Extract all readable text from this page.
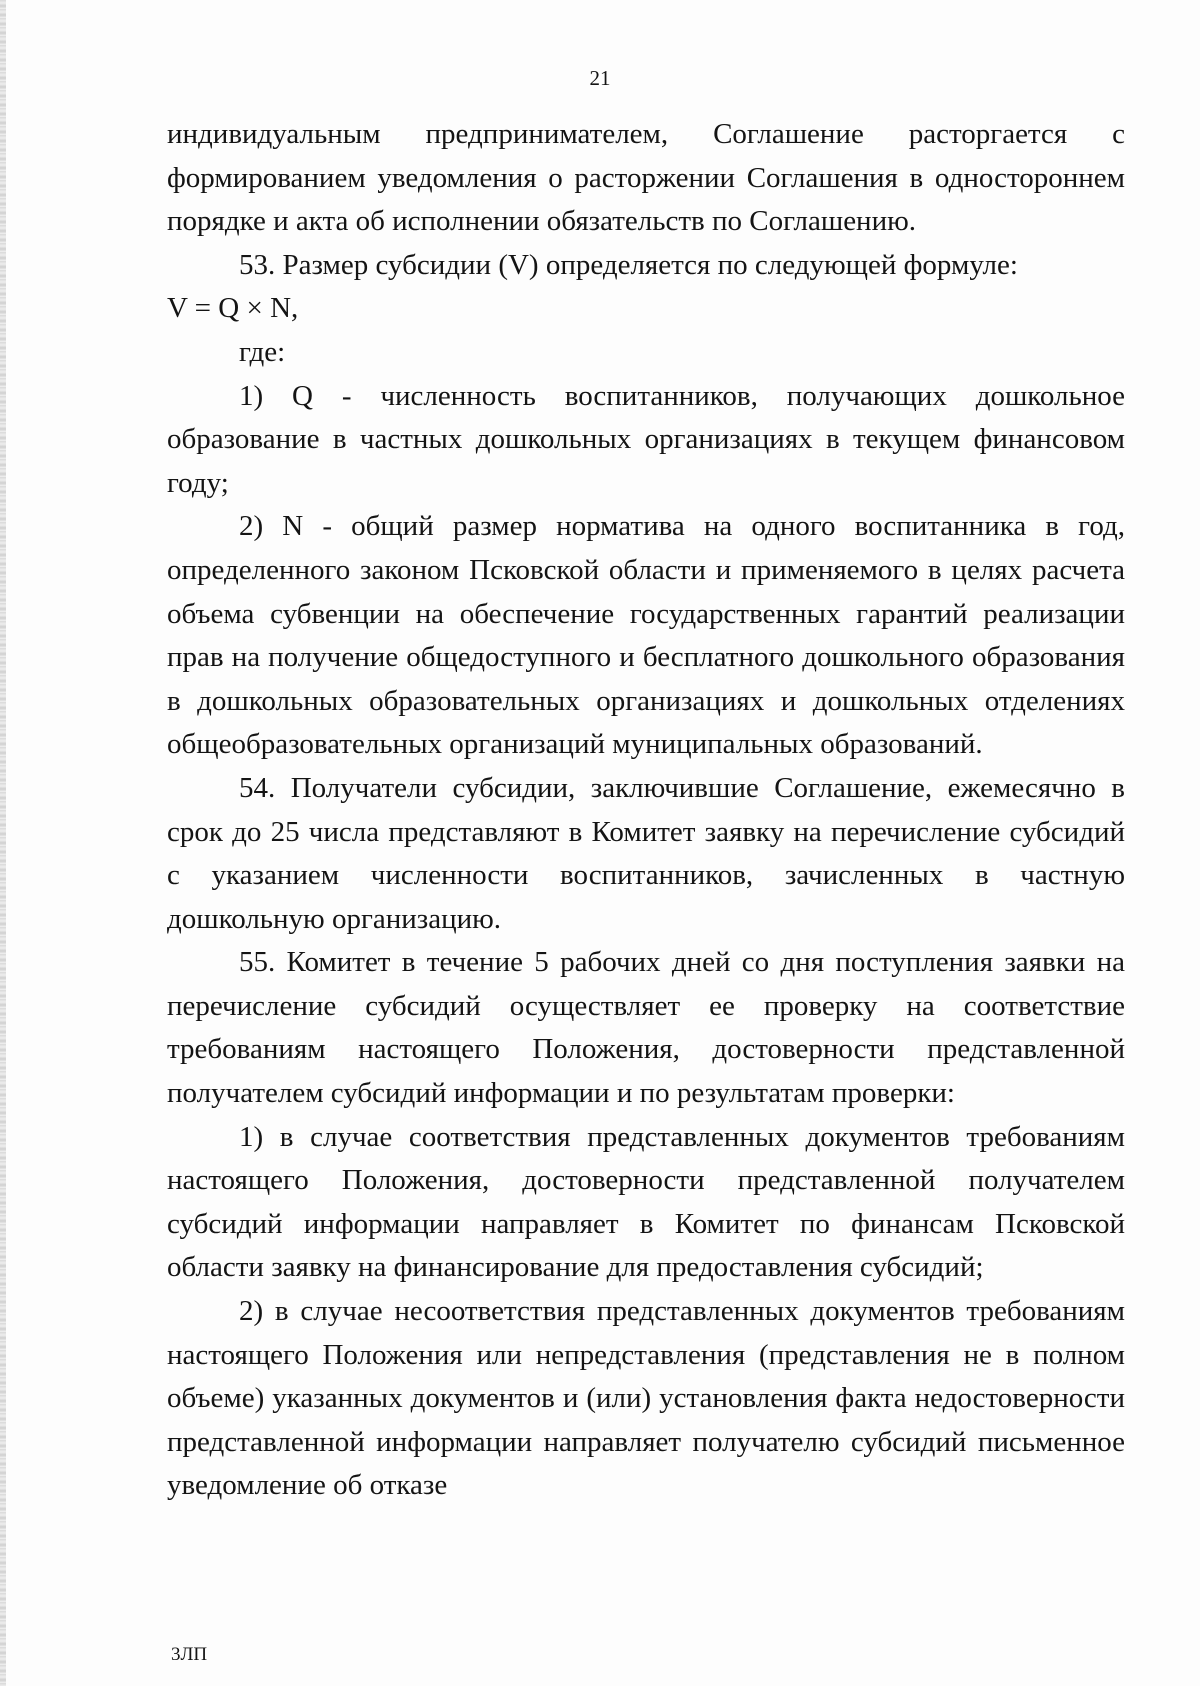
21

индивидуальным предпринимателем, Соглашение расторгается с формированием уведомления о расторжении Соглашения в одностороннем порядке и акта об исполнении обязательств по Соглашению.

53. Размер субсидии (V) определяется по следующей формуле:

V = Q × N,

где:

1) Q - численность воспитанников, получающих дошкольное образование в частных дошкольных организациях в текущем финансовом году;

2) N - общий размер норматива на одного воспитанника в год, определенного законом Псковской области и применяемого в целях расчета объема субвенции на обеспечение государственных гарантий реализации прав на получение общедоступного и бесплатного дошкольного образования в дошкольных образовательных организациях и дошкольных отделениях общеобразовательных организаций муниципальных образований.

54. Получатели субсидии, заключившие Соглашение, ежемесячно в срок до 25 числа представляют в Комитет заявку на перечисление субсидий с указанием численности воспитанников, зачисленных в частную дошкольную организацию.

55. Комитет в течение 5 рабочих дней со дня поступления заявки на перечисление субсидий осуществляет ее проверку на соответствие требованиям настоящего Положения, достоверности представленной получателем субсидий информации и по результатам проверки:

1) в случае соответствия представленных документов требованиям настоящего Положения, достоверности представленной получателем субсидий информации направляет в Комитет по финансам Псковской области заявку на финансирование для предоставления субсидий;

2) в случае несоответствия представленных документов требованиям настоящего Положения или непредставления (представления не в полном объеме) указанных документов и (или) установления факта недостоверности представленной информации направляет получателю субсидий письменное уведомление об отказе

3ЛП
